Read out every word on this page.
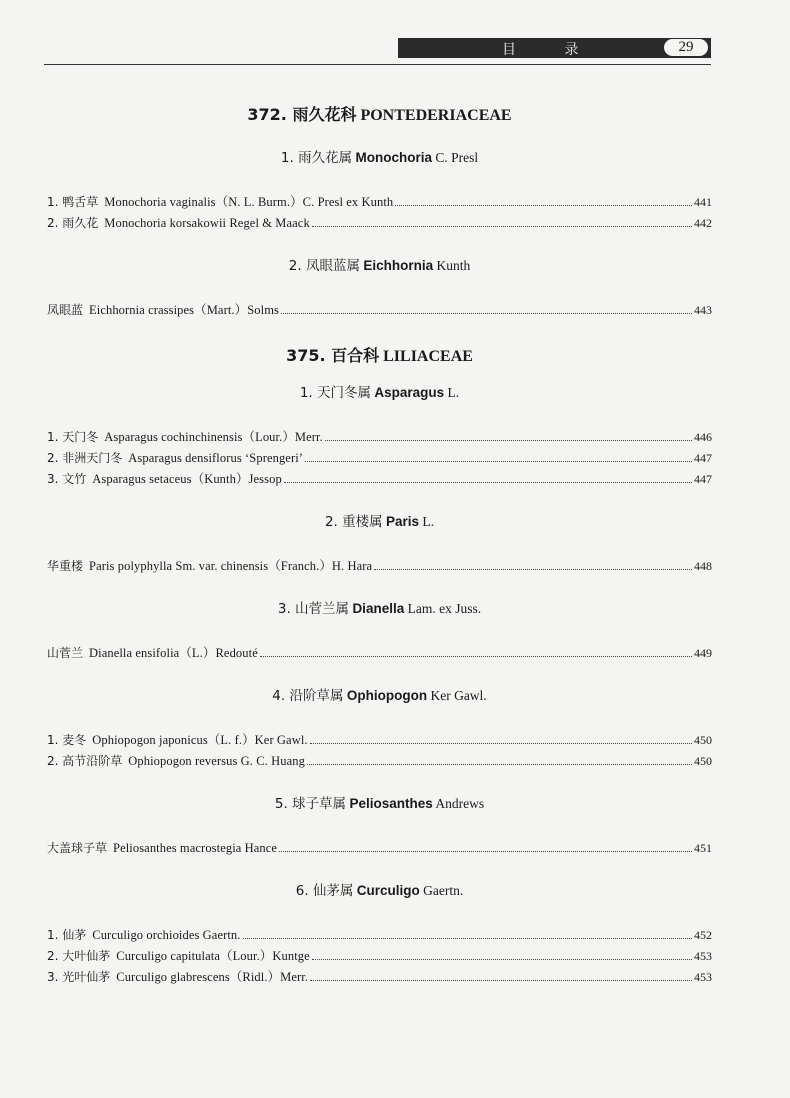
目 录	29
372. 雨久花科 PONTEDERIACEAE
1. 雨久花属 Monochoria C. Presl
1. 鸭舌草 Monochoria vaginalis（N. L. Burm.）C. Presl ex Kunth	441
2. 雨久花 Monochoria korsakowii Regel & Maack	442
2. 凤眼蓝属 Eichhornia Kunth
凤眼蓝 Eichhornia crassipes（Mart.）Solms	443
375. 百合科 LILIACEAE
1. 天门冬属 Asparagus L.
1. 天门冬 Asparagus cochinchinensis（Lour.）Merr.	446
2. 非洲天门冬 Asparagus densiflorus ‘Sprengeri’	447
3. 文竹 Asparagus setaceus（Kunth）Jessop	447
2. 重楼属 Paris L.
华重楼 Paris polyphylla Sm. var. chinensis（Franch.）H. Hara	448
3. 山菅兰属 Dianella Lam. ex Juss.
山菅兰 Dianella ensifolia（L.）Redouté	449
4. 沿阶草属 Ophiopogon Ker Gawl.
1. 麦冬 Ophiopogon japonicus（L. f.）Ker Gawl.	450
2. 高节沿阶草 Ophiopogon reversus G. C. Huang	450
5. 球子草属 Peliosanthes Andrews
大盖球子草 Peliosanthes macrostegia Hance	451
6. 仙茅属 Curculigo Gaertn.
1. 仙茅 Curculigo orchioides Gaertn.	452
2. 大叶仙茅 Curculigo capitulata（Lour.）Kuntge	453
3. 光叶仙茅 Curculigo glabrescens（Ridl.）Merr.	453
